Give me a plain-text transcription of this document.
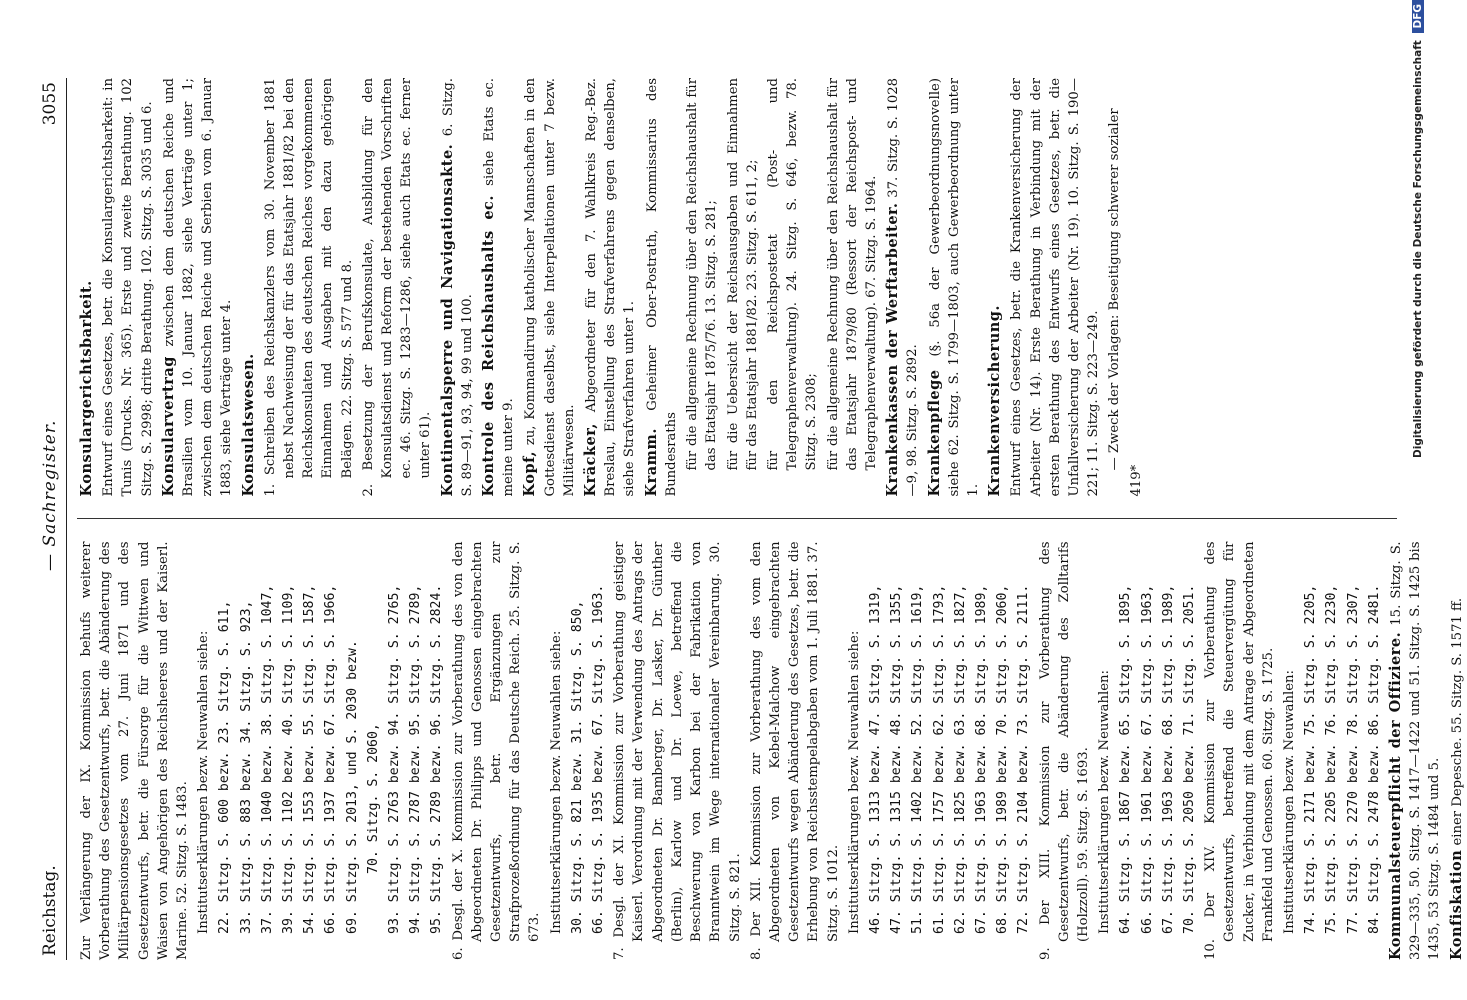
Reichstag.
— Sachregister.
3055

Zur Verlängerung der IX. Kommission behufs weiterer Vorberathung des Gesetzentwurfs, betr. die Abänderung des Militärpensionsgesetzes vom 27. Juni 1871 und des Gesetzentwurfs, betr. die Fürsorge für die Wittwen und Waisen von Angehörigen des Reichsheeres und der Kaiserl. Marine. 52. Sitzg. S. 1483. Institutserklärungen bezw. Neuwahlen siehe: 22. Sitzg. S. 600 bezw. 23. Sitzg. S. 611, 33. Sitzg. S. 883 bezw. 34. Sitzg. S. 923, 37. Sitzg. S. 1040 bezw. 38. Sitzg. S. 1047, 39. Sitzg. S. 1102 bezw. 40. Sitzg. S. 1109, 54. Sitzg. S. 1553 bezw. 55. Sitzg. S. 1587, 66. Sitzg. S. 1937 bezw. 67. Sitzg. S. 1966, 69. Sitzg. S. 2013, und S. 2030 bezw. 70. Sitzg. S. 2060, 93. Sitzg. S. 2763 bezw. 94. Sitzg. S. 2765, 94. Sitzg. S. 2787 bezw. 95. Sitzg. S. 2789, 95. Sitzg. S. 2789 bezw. 96. Sitzg. S. 2824. 6. Desgl. der X. Kommission zur Vorberathung des von den Abgeordneten Dr. Philipps und Genossen eingebrachten Gesetzentwurfs, betr. Ergänzungen zur Strafprozeßordnung für das Deutsche Reich. 25. Sitzg. S. 673. Institutserklärungen bezw. Neuwahlen siehe: 30. Sitzg. S. 821 bezw. 31. Sitzg. S. 850, 66. Sitzg. S. 1935 bezw. 67. Sitzg. S. 1963. 7. Desgl. der XI. Kommission zur Vorberathung geistiger Kaiserl. Verordnung mit der Verwendung des Antrags der Abgeordneten Dr. Bamberger, Dr. Lasker, Dr. Günther (Berlin), Karlow und Dr. Loewe, betreffend die Beschwerung von Karbon bei der Fabrikation von Branntwein im Wege internationaler Vereinbarung. 30. Sitzg. S. 821. 8. Der XII. Kommission zur Vorberathung des vom den Abgeordneten von Kebel-Malchow eingebrachten Gesetzentwurfs wegen Abänderung des Gesetzes, betr. die Erhebung von Reichsstempelabgaben vom 1. Juli 1881. 37. Sitzg. S. 1012. Institutserklärungen bezw. Neuwahlen siehe: 46. Sitzg. S. 1313 bezw. 47. Sitzg. S. 1319, 47. Sitzg. S. 1315 bezw. 48. Sitzg. S. 1355, 51. Sitzg. S. 1402 bezw. 52. Sitzg. S. 1619, 61. Sitzg. S. 1757 bezw. 62. Sitzg. S. 1793, 62. Sitzg. S. 1825 bezw. 63. Sitzg. S. 1827, 67. Sitzg. S. 1963 bezw. 68. Sitzg. S. 1989, 68. Sitzg. S. 1989 bezw. 70. Sitzg. S. 2060, 72. Sitzg. S. 2104 bezw. 73. Sitzg. S. 2111. 9. Der XIII. Kommission zur Vorberathung des Gesetzentwurfs, betr. die Abänderung des Zolltarifs (Holzzoll). 59. Sitzg. S. 1693. Institutserklärungen bezw. Neuwahlen: 64. Sitzg. S. 1867 bezw. 65. Sitzg. S. 1895, 66. Sitzg. S. 1961 bezw. 67. Sitzg. S. 1963, 67. Sitzg. S. 1963 bezw. 68. Sitzg. S. 1989, 70. Sitzg. S. 2050 bezw. 71. Sitzg. S. 2051. 10. Der XIV. Kommission zur Vorberathung des Gesetzentwurfs, betreffend die Steuervergütung für Zucker, in Verbindung mit dem Antrage der Abgeordneten Frankfeld und Genossen. 60. Sitzg. S. 1725. Institutserklärungen bezw. Neuwahlen: 74. Sitzg. S. 2171 bezw. 75. Sitzg. S. 2205, 75. Sitzg. S. 2205 bezw. 76. Sitzg. S. 2230, 77. Sitzg. S. 2270 bezw. 78. Sitzg. S. 2307, 84. Sitzg. S. 2478 bezw. 86. Sitzg. S. 2481. Kommunalsteuerpflicht der Offiziere. 15. Sitzg. S. 329—335, 50. Sitzg. S. 1417—1422 und 51. Sitzg. S. 1425 bis 1435, 53 Sitzg. S. 1484 und 5. Konfiskation einer Depesche. 55. Sitzg. S. 1571 ff.

Konsulargerichtsbarkeit. Entwurf eines Gesetzes, betr. die Konsulargerichtsbarkeit: in Tunis (Drucks. Nr. 365). Erste und zweite Berathung. 102 Sitzg. S. 2998; dritte Berathung. 102. Sitzg. S. 3035 und 6. Konsularvertrag zwischen dem deutschen Reiche und Brasilien vom 10. Januar 1882, siehe Verträge unter 1; zwischen dem deutschen Reiche und Serbien vom 6. Januar 1883, siehe Verträge unter 4. Konsulatswesen. 1. Schreiben des Reichskanzlers vom 30. November 1881 nebst Nachweisung der für das Etatsjahr 1881/82 bei den Reichskonsulaten des deutschen Reiches vorgekommenen Einnahmen und Ausgaben mit den dazu gehörigen Belägen. 22. Sitzg. S. 577 und 8. 2. Besetzung der Berufskonsulate, Ausbildung für den Konsulatsdienst und Reform der bestehenden Vorschriften ec. 46. Sitzg. S. 1283—1286, siehe auch Etats ec. ferner unter 61). Kontinentalsperre und Navigationsakte. 6. Sitzg. S. 89—91, 93, 94, 99 und 100. Kontrole des Reichshaushalts ec. siehe Etats ec. meine unter 9. Kopf, zu, Kommandirung katholischer Mannschaften in den Gottesdienst daselbst, siehe Interpellationen unter 7 bezw. Militärwesen. Kräcker, Abgeordneter für den 7. Wahlkreis Reg.-Bez. Breslau, Einstellung des Strafverfahrens gegen denselben, siehe Strafverfahren unter 1. Kramm. Geheimer Ober-Postrath, Kommissarius des Bundesraths für die allgemeine Rechnung über den Reichshaushalt für das Etatsjahr 1875/76. 13. Sitzg. S. 281; für die Uebersicht der Reichsausgaben und Einnahmen für das Etatsjahr 1881/82. 23. Sitzg. S. 611, 2; für den Reichspostetat (Post- und Telegraphenverwaltung). 24. Sitzg. S. 646, bezw. 78. Sitzg. S. 2308; für die allgemeine Rechnung über den Reichshaushalt für das Etatsjahr 1879/80 (Ressort der Reichspost- und Telegraphenverwaltung). 67. Sitzg. S. 1964. Krankenkassen der Werftarbeiter. 37. Sitzg. S. 1028—9, 98. Sitzg. S. 2892. Krankenpflege (§. 56a der Gewerbeordnungsnovelle) siehe 62. Sitzg. S. 1799—1803, auch Gewerbeordnung unter 1. Krankenversicherung. Entwurf eines Gesetzes, betr. die Krankenversicherung der Arbeiter (Nr. 14). Erste Berathung in Verbindung mit der ersten Berathung des Entwurfs eines Gesetzes, betr. die Unfallversicherung der Arbeiter (Nr. 19). 10. Sitzg. S. 190—221; 11. Sitzg. S. 223—249. — Zweck der Vorlagen: Beseitigung schwerer sozialer

419*

Digitalisierung gefördert durch die Deutsche Forschungsgemeinschaft DFG
